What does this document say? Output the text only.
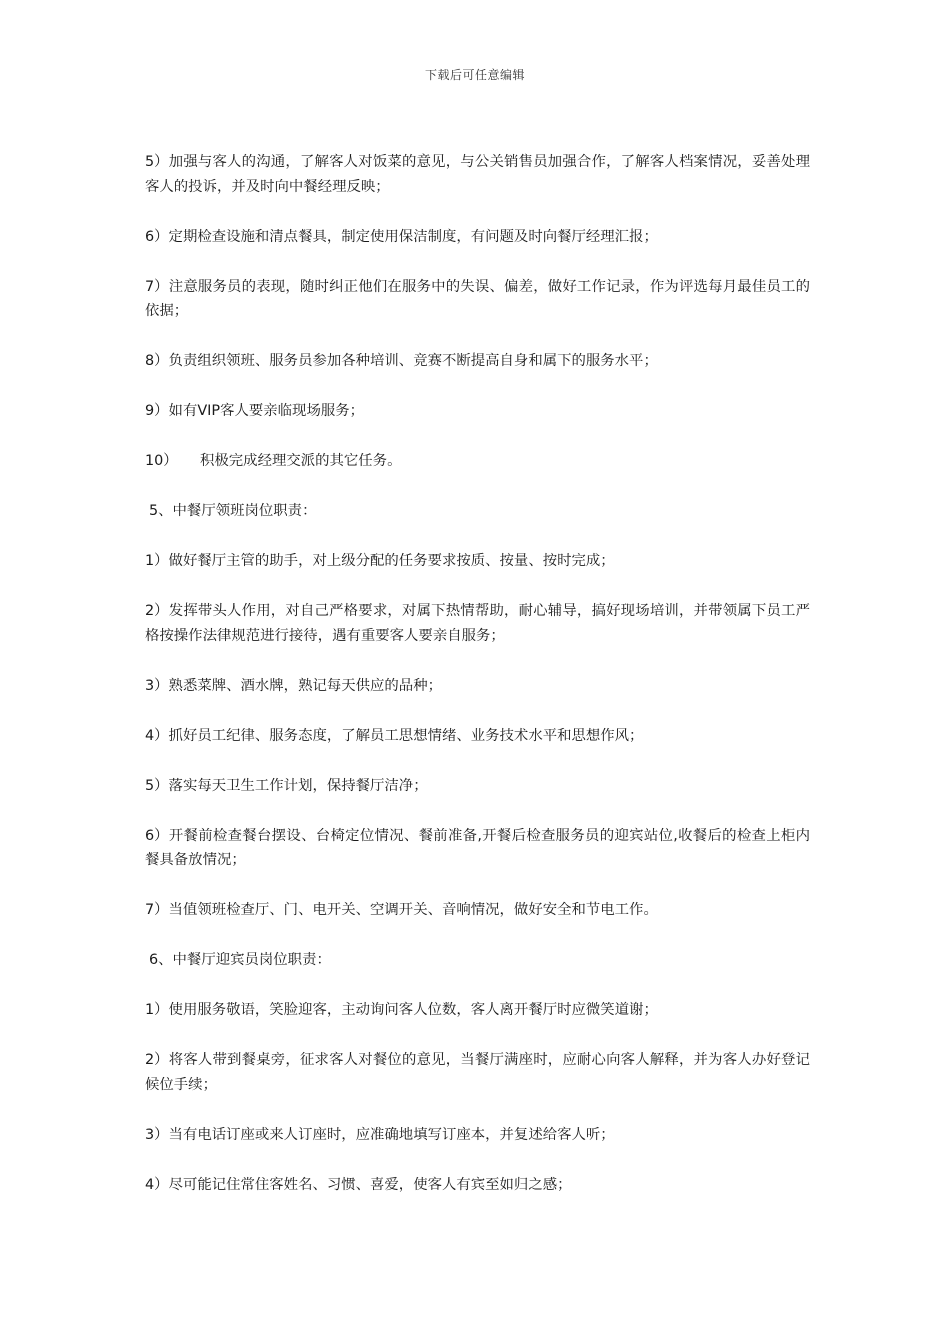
下载后可任意编辑
5）加强与客人的沟通，了解客人对饭菜的意见，与公关销售员加强合作，了解客人档案情况，妥善处理客人的投诉，并及时向中餐经理反映；
6）定期检查设施和清点餐具，制定使用保洁制度，有问题及时向餐厅经理汇报；
7）注意服务员的表现，随时纠正他们在服务中的失误、偏差，做好工作记录，作为评选每月最佳员工的依据；
8）负责组织领班、服务员参加各种培训、竞赛不断提高自身和属下的服务水平；
9）如有VIP客人要亲临现场服务；
10） 积极完成经理交派的其它任务。
5、中餐厅领班岗位职责：
1）做好餐厅主管的助手，对上级分配的任务要求按质、按量、按时完成；
2）发挥带头人作用，对自己严格要求，对属下热情帮助，耐心辅导，搞好现场培训，并带领属下员工严格按操作法律规范进行接待，遇有重要客人要亲自服务；
3）熟悉菜牌、酒水牌，熟记每天供应的品种；
4）抓好员工纪律、服务态度，了解员工思想情绪、业务技术水平和思想作风；
5）落实每天卫生工作计划，保持餐厅洁净；
6）开餐前检查餐台摆设、台椅定位情况、餐前准备,开餐后检查服务员的迎宾站位,收餐后的检查上柜内餐具备放情况；
7）当值领班检查厅、门、电开关、空调开关、音响情况，做好安全和节电工作。
6、中餐厅迎宾员岗位职责：
1）使用服务敬语，笑脸迎客，主动询问客人位数，客人离开餐厅时应微笑道谢；
2）将客人带到餐桌旁，征求客人对餐位的意见，当餐厅满座时，应耐心向客人解释，并为客人办好登记候位手续；
3）当有电话订座或来人订座时，应准确地填写订座本，并复述给客人听；
4）尽可能记住常住客姓名、习惯、喜爱，使客人有宾至如归之感；
